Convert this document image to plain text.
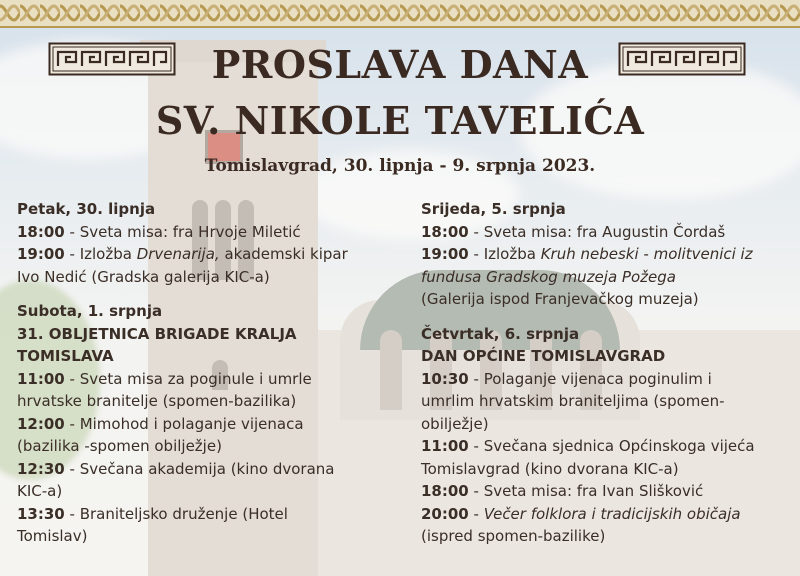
PROSLAVA DANA
SV. NIKOLE TAVELIĆA
Tomislavgrad, 30. lipnja - 9. srpnja 2023.
Petak, 30. lipnja
18:00 - Sveta misa: fra Hrvoje Miletić
19:00 - Izložba Drvenarija, akademski kipar
Ivo Nedić (Gradska galerija KIC-a)
Subota, 1. srpnja
31. OBLJETNICA BRIGADE KRALJA
TOMISLAVA
11:00 - Sveta misa za poginule i umrle
hrvatske branitelje (spomen-bazilika)
12:00 - Mimohod i polaganje vijenaca
(bazilika -spomen obilježje)
12:30 - Svečana akademija (kino dvorana
KIC-a)
13:30 - Braniteljsko druženje (Hotel
Tomislav)
Srijeda, 5. srpnja
18:00 - Sveta misa: fra Augustin Čordaš
19:00 - Izložba Kruh nebeski - molitvenici iz
fundusa Gradskog muzeja Požega
(Galerija ispod Franjevačkog muzeja)
Četvrtak, 6. srpnja
DAN OPĆINE TOMISLAVGRAD
10:30 - Polaganje vijenaca poginulim i
umrlim hrvatskim braniteljima (spomen-
obilježje)
11:00 - Svečana sjednica Općinskoga vijeća
Tomislavgrad (kino dvorana KIC-a)
18:00 - Sveta misa: fra Ivan Slišković
20:00 - Večer folklora i tradicijskih običaja
(ispred spomen-bazilike)
